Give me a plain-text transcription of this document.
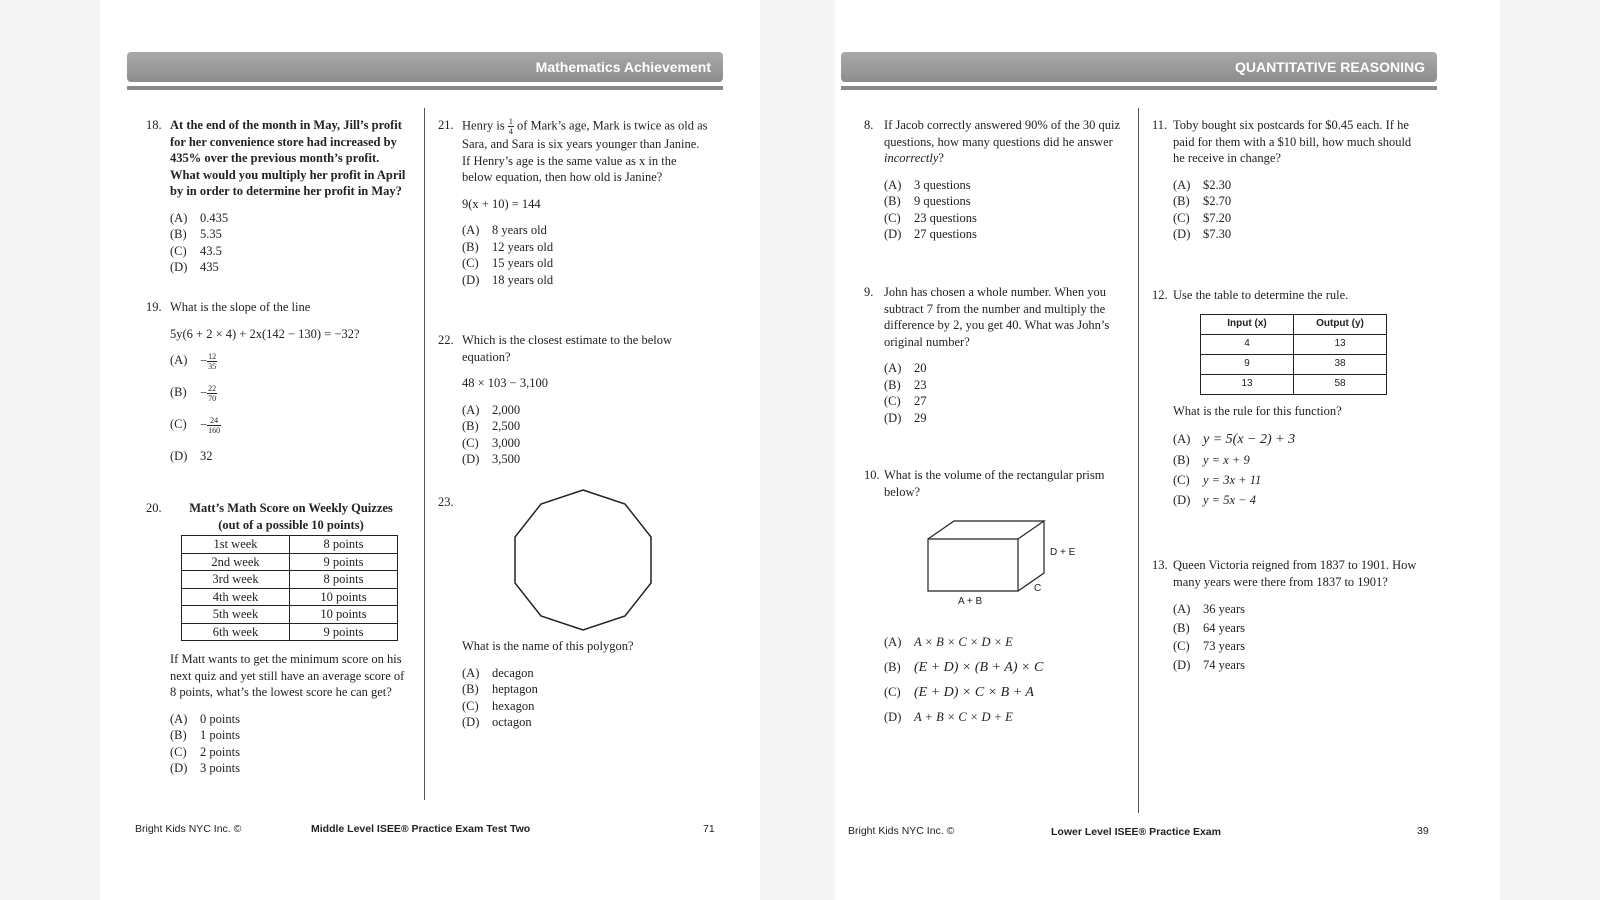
Mathematics Achievement
18. At the end of the month in May, Jill’s profit for her convenience store had increased by 435% over the previous month’s profit. What would you multiply her profit in April by in order to determine her profit in May?

(A) 0.435
(B) 5.35
(C) 43.5
(D) 435
19. What is the slope of the line

5y(6 + 2 × 4) + 2x(142 − 130) = −32?

$(A) - \frac{12}{35}$
$(B) - \frac{22}{70}$
$(C) - \frac{24}{160}$
(D) 32
20.	Matt’s Math Score on Weekly Quizzes
(out of a possible 10 points)
1st week	8 points
2nd week	9 points
3rd week	8 points
4th week	10 points
5th week	10 points
6th week	9 points

If Matt wants to get the minimum score on his next quiz and yet still have an average score of 8 points, what’s the lowest score he can get?

(A) 0 points
(B) 1 points
(C) 2 points
(D) 3 points
21. Henry is $\frac{1}{4}$ of Mark’s age, Mark is twice as old as Sara, and Sara is six years younger than Janine. If Henry’s age is the same value as x in the below equation, then how old is Janine?

9(x + 10) = 144

(A) 8 years old
(B) 12 years old
(C) 15 years old
(D) 18 years old
22. Which is the closest estimate to the below equation?

48 × 103 − 3,100

(A) 2,000
(B) 2,500
(C) 3,000
(D) 3,500
23.

What is the name of this polygon?

(A) decagon
(B) heptagon
(C) hexagon
(D) octagon
Bright Kids NYC Inc. ©	Middle Level ISEE® Practice Exam Test Two	71
QUANTITATIVE REASONING
8. If Jacob correctly answered 90% of the 30 quiz questions, how many questions did he answer incorrectly?

(A) 3 questions
(B) 9 questions
(C) 23 questions
(D) 27 questions
9. John has chosen a whole number. When you subtract 7 from the number and multiply the difference by 2, you get 40. What was John’s original number?

(A) 20
(B) 23
(C) 27
(D) 29
10. What is the volume of the rectangular prism below?

D + E
C
A + B
(A) A × B × C × D × E
(B) (E + D) × (B + A) × C
(C) (E + D) × C × B + A
(D) A + B × C × D + E
11. Toby bought six postcards for $0.45 each. If he paid for them with a $10 bill, how much should he receive in change?

(A) $2.30
(B) $2.70
(C) $7.20
(D) $7.30
12. Use the table to determine the rule.

Input (x)	Output (y)
4	13
9	38
13	58

What is the rule for this function?

(A) y = 5(x − 2) + 3
(B) y = x + 9
(C) y = 3x + 11
(D) y = 5x − 4
13. Queen Victoria reigned from 1837 to 1901. How many years were there from 1837 to 1901?

(A) 36 years
(B) 64 years
(C) 73 years
(D) 74 years
Bright Kids NYC Inc. ©	Lower Level ISEE® Practice Exam	39
